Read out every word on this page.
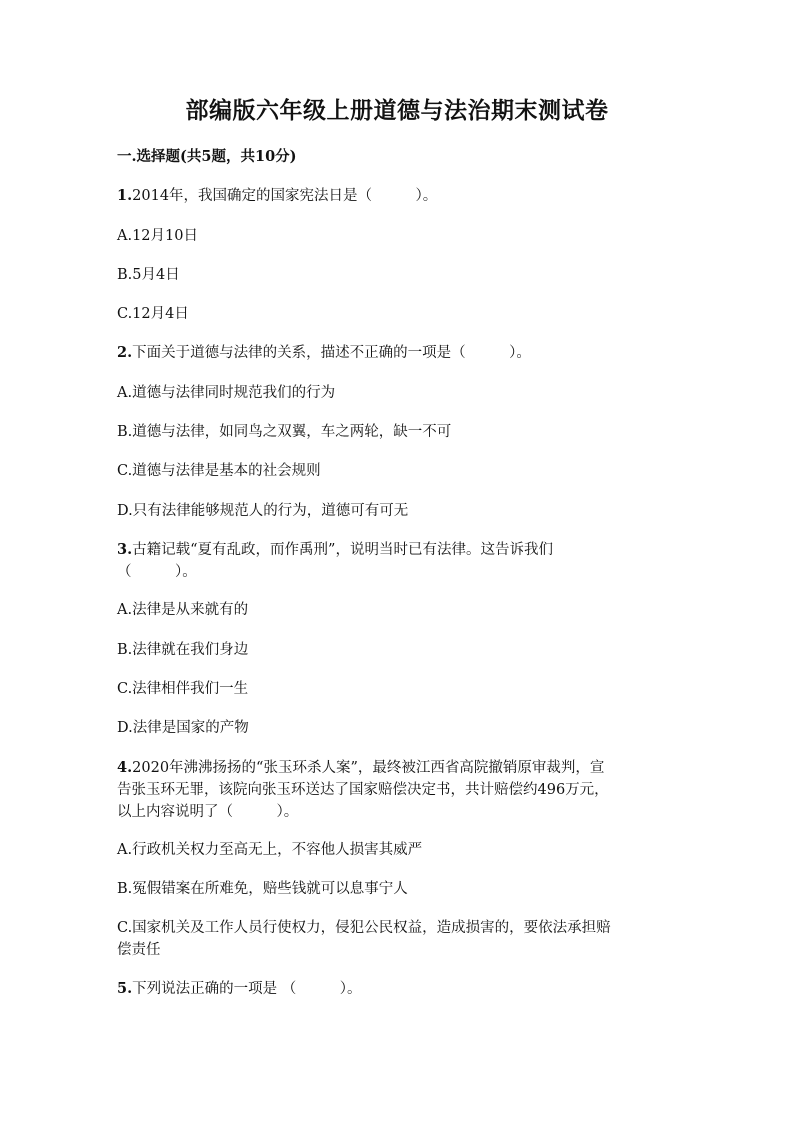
部编版六年级上册道德与法治期末测试卷
一.选择题(共5题，共10分)
1.2014年，我国确定的国家宪法日是（　　　）。
A.12月10日
B.5月4日
C.12月4日
2.下面关于道德与法律的关系，描述不正确的一项是（　　　）。
A.道德与法律同时规范我们的行为
B.道德与法律，如同鸟之双翼，车之两轮，缺一不可
C.道德与法律是基本的社会规则
D.只有法律能够规范人的行为，道德可有可无
3.古籍记载“夏有乱政，而作禹刑”，说明当时已有法律。这告诉我们
（　　　）。
A.法律是从来就有的
B.法律就在我们身边
C.法律相伴我们一生
D.法律是国家的产物
4.2020年沸沸扬扬的“张玉环杀人案”，最终被江西省高院撤销原审裁判，宣
告张玉环无罪，该院向张玉环送达了国家赔偿决定书，共计赔偿约496万元，
以上内容说明了（　　　）。
A.行政机关权力至高无上，不容他人损害其威严
B.冤假错案在所难免，赔些钱就可以息事宁人
C.国家机关及工作人员行使权力，侵犯公民权益，造成损害的，要依法承担赔
偿责任
5.下列说法正确的一项是 （　　　）。
